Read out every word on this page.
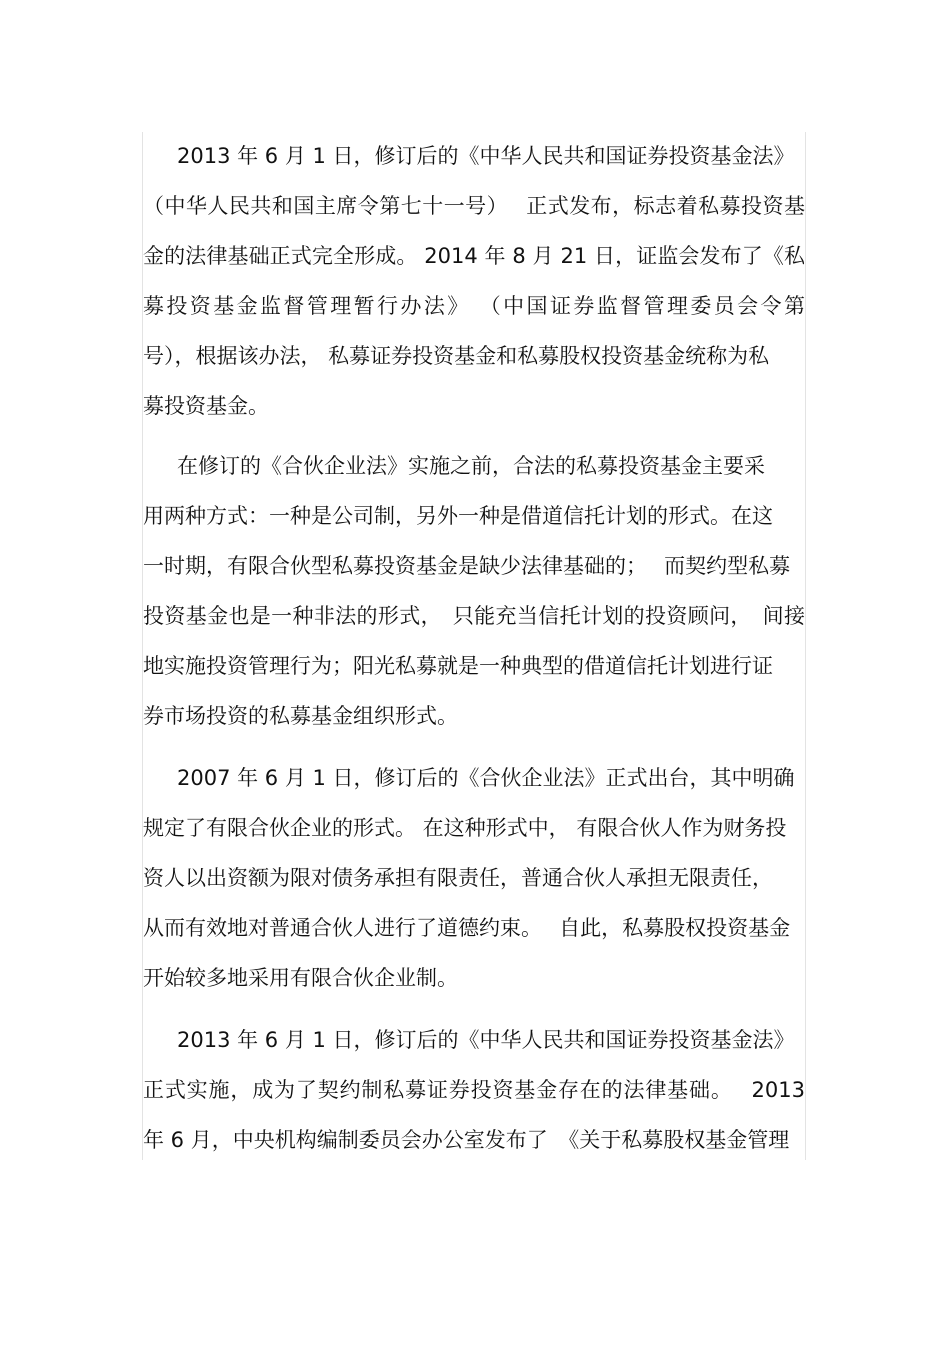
2013 年 6 月 1 日，修订后的《中华人民共和国证券投资基金法》
（中华人民共和国主席令第七十一号）　 正式发布，标志着私募投资基
金的法律基础正式完全形成。 2014 年 8 月 21 日，证监会发布了《私
募投资基金监督管理暂行办法》 （中国证券监督管理委员会令第　
号），根据该办法， 私募证券投资基金和私募股权投资基金统称为私
募投资基金。
在修订的《合伙企业法》实施之前，合法的私募投资基金主要采
用两种方式：一种是公司制，另外一种是借道信托计划的形式。在这
一时期，有限合伙型私募投资基金是缺少法律基础的；　 而契约型私募
投资基金也是一种非法的形式，　只能充当信托计划的投资顾问，　间接
地实施投资管理行为；阳光私募就是一种典型的借道信托计划进行证
券市场投资的私募基金组织形式。
2007 年 6 月 1 日，修订后的《合伙企业法》正式出台，其中明确
规定了有限合伙企业的形式。 在这种形式中， 有限合伙人作为财务投
资人以出资额为限对债务承担有限责任，普通合伙人承担无限责任，
从而有效地对普通合伙人进行了道德约束。　 自此，私募股权投资基金
开始较多地采用有限合伙企业制。
2013 年 6 月 1 日，修订后的《中华人民共和国证券投资基金法》
正式实施，成为了契约制私募证券投资基金存在的法律基础。　 2013
年 6 月，中央机构编制委员会办公室发布了　《关于私募股权基金管理
